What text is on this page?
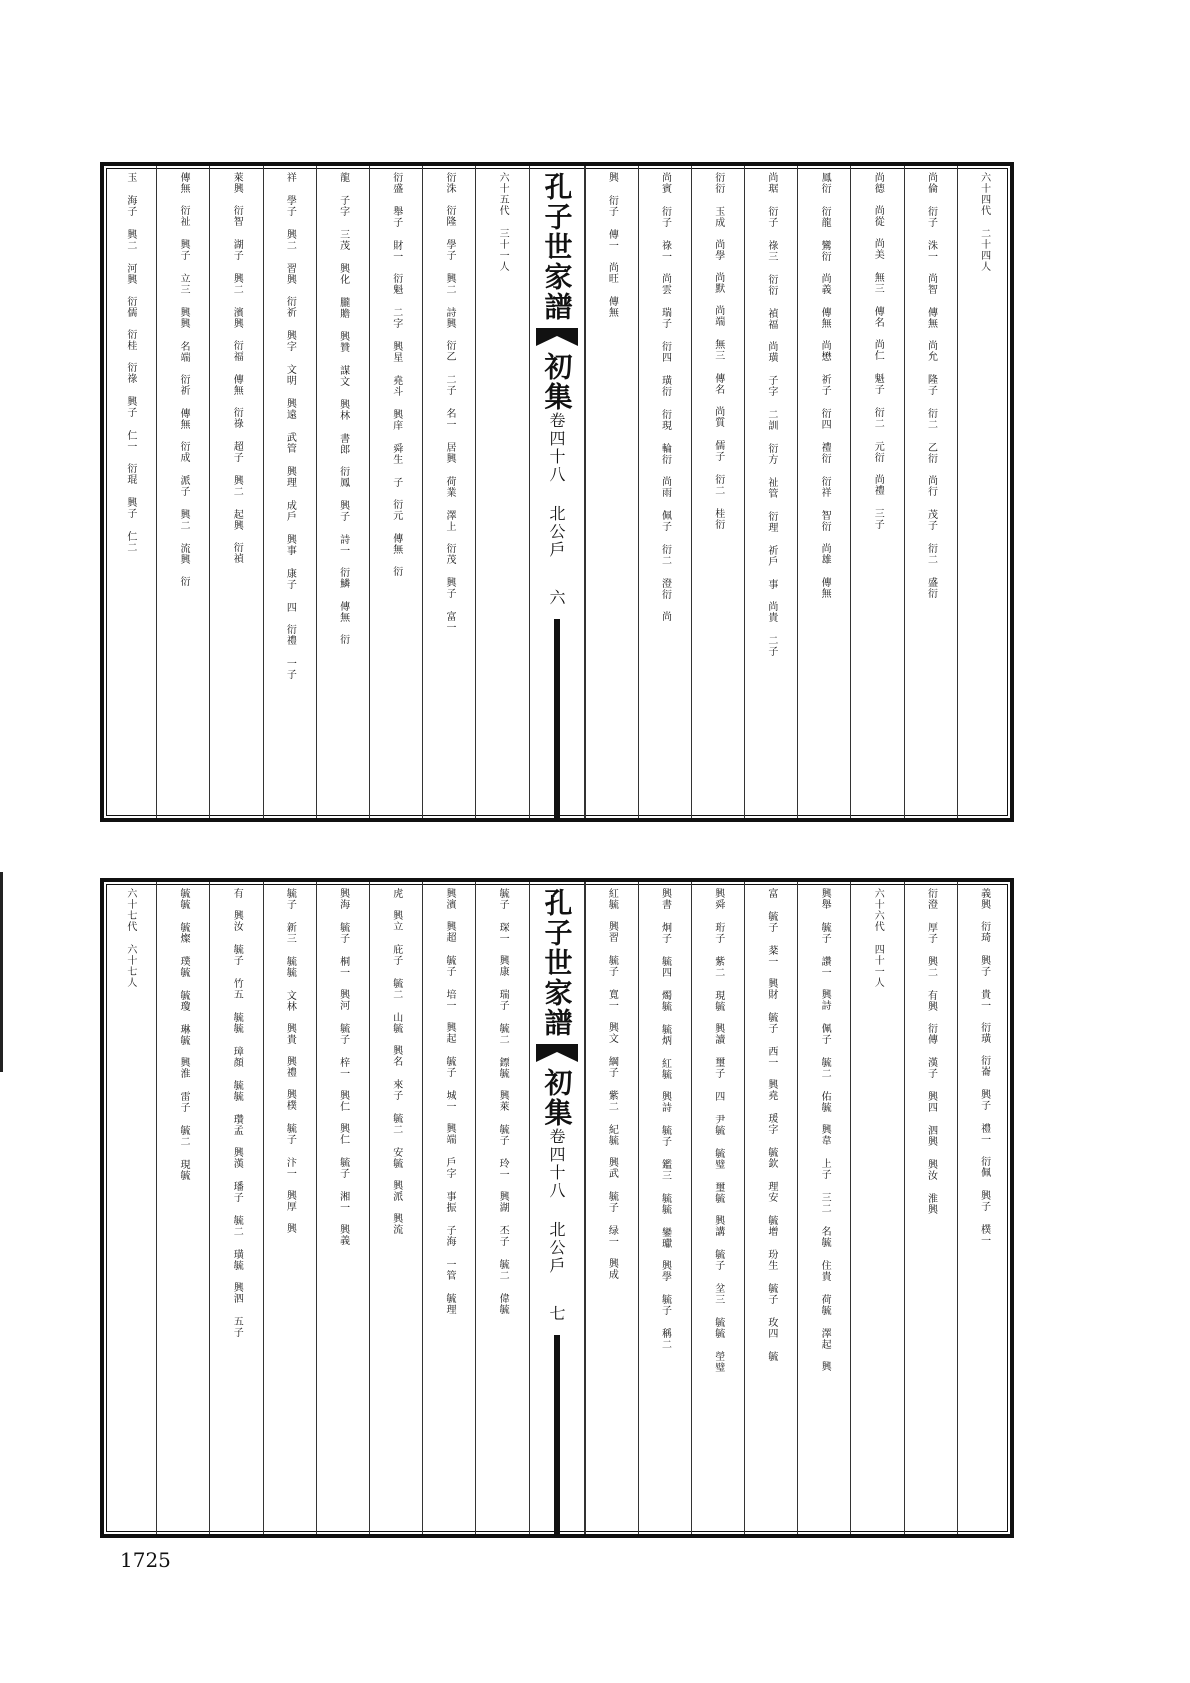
六十四代 二十四人
尚倫 衍子 洙一　尚智 傳無　尚允 隆子 衍二 乙衍　尚行 茂子 衍二 盛衍
尚德　尚從　尚美 無三 傳名　尚仁 魁子 衍二 元衍　尚禮 三子
鳳衍 衍龍 鸞衍　尚義 傳無　尚懋 祈子 衍四 禮衍 衍祥 智衍　尚雄 傳無
尚琚 衍子 祿三 衍衍 禎福　尚璜 子字 二訓 衍方 祉管 衍理 祈戶 事　尚貴 二子
衍衍 玉成　尚學　尚默　尚端 無三 傳名　尚質 儒子 衍二 桂衍
尚賓 衍子 祿一　尚雲 瑞子 衍四 璜衍 衍現 輪衍　尚雨 佩子 衍二 澄衍　尚
興 衍子 傳一　尚旺 傳無
孔子世家譜
初集
卷四十八 北公戶
六
六十五代 三十一人
衍洙　衍隆 學子 興二 詩興　衍乙 二子 名一 居興 荷業 澤上　衍茂 興子 富一
衍盛 舉子 財一　衍魁 二字 興星 堯斗 興庠 舜生 子　衍元 傳無　衍
龍 子字 三茂 興化 朧贍 興贊 謀文 興林 書郎　衍鳳 興子 詩一　衍鱗 傳無　衍
祥 學子 興二 習興　衍祈 興字 文明 興遠 武管 興理 成戶 興事 康子 四　衍禮 一子
萊興　衍智 湖子 興二 濱興　衍福 傳無　衍祿 超子 興二 起興　衍禎
傳無　衍祉 興子 立三 興興 名端　衍祈 傳無　衍成 派子 興二 流興　衍
玉 海子 興二 河興　衍儒　衍桂　衍祿 興子 仁一　衍琨 興子 仁二
義興　衍琦 興子 貴一　衍璜　衍崙 興子 禮一　衍佩 興子 樸一
衍澄 厚子 興二 有興　衍傳 漢子 興四 泗興 興汝 淮興
六十六代 四十一人
興舉 毓子 讚一　興詩 佩子 毓二 佑毓　興韋 上子 三二 名毓 住貴 荷毓 澤起　興
富 毓子 棻一　興財 毓子 西一　興堯 瑗字 毓欽 理安 毓增 玢生 毓子 玫四 毓
興舜 珩子 紫二 現毓　興讀 璽子 四 尹毓 毓璧 璽毓　興講 毓子 坌三 毓毓 塋璧
興書 炯子 毓四 燭毓 毓炳 紅毓　興詩 毓子 鑑三 毓毓 鑾瓛　興學 毓子 稱二
紅毓　興習 毓子 寬一　興文 綱子 紫二 紀毓　興武 毓子 绿一　興成
孔子世家譜
初集
卷四十八 北公戶
七
毓子 琛一　興康 瑞子 毓二 鏢毓　興萊 毓子 玲一　興湖 丕子 毓二 偉毓
興濱　興超 毓子 培一　興起 毓子 城一　興端 戶字 事振 子海 一管 毓理
虎　興立 庇子 毓二 山毓　興名 來子 毓二 安毓　興派　興流
興海 毓子 桐一　興河 毓子 梓一　興仁　興仁 毓子 湘一　興義
毓子 新三 毓毓 文林　興貴　興禮　興樸 毓子 汴一　興厚　興
有　興汝 毓子 竹五 毓毓 璋顏 毓毓 瓚孟　興漢 璠子 毓二 璜毓　興泗 五子
毓毓 毓燦 璞毓 毓瓊 琳毓　興淮 雷子 毓二 現毓
六十七代 六十七人
1725
